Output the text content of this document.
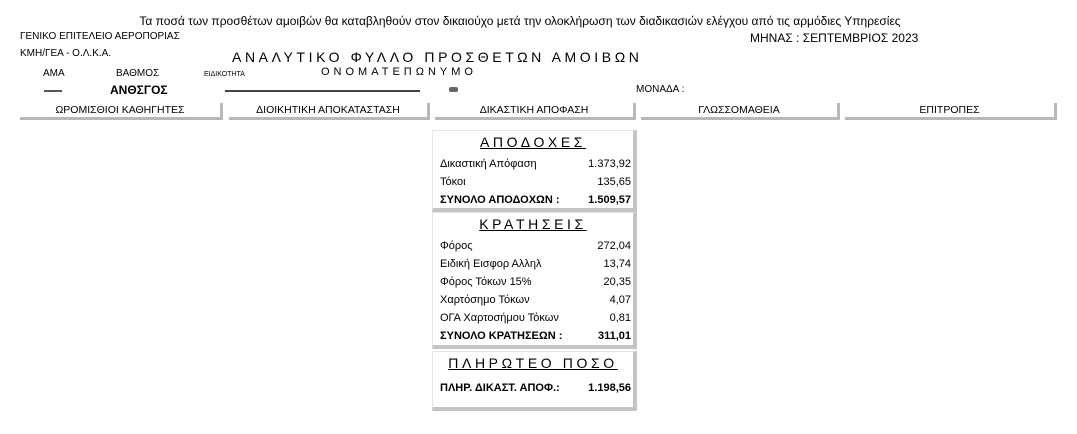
Τα ποσά των προσθέτων αμοιβών θα καταβληθούν στον δικαιούχο μετά την ολοκλήρωση των διαδικασιών ελέγχου από τις αρμόδιες Υπηρεσίες
ΓΕΝΙΚΟ ΕΠΙΤΕΛΕΙΟ ΑΕΡΟΠΟΡΙΑΣ
ΚΜΗ/ΓΕΑ - Ο.Λ.Κ.Α.
ΜΗΝΑΣ : ΣΕΠΤΕΜΒΡΙΟΣ 2023
ΑΝΑΛΥΤΙΚΟ ΦΥΛΛΟ ΠΡΟΣΘΕΤΩΝ ΑΜΟΙΒΩΝ
ΑΜΑ	ΒΑΘΜΟΣ	ΕΙΔΙΚΟΤΗΤΑ	ΟΝΟΜΑΤΕΠΩΝΥΜΟ
ΑΝΘΣΓΟΣ	ΜΟΝΑΔΑ :
ΩΡΟΜΙΣΘΙΟΙ ΚΑΘΗΓΗΤΕΣ	ΔΙΟΙΚΗΤΙΚΗ ΑΠΟΚΑΤΑΣΤΑΣΗ	ΔΙΚΑΣΤΙΚΗ ΑΠΟΦΑΣΗ	ΓΛΩΣΣΟΜΑΘΕΙΑ	ΕΠΙΤΡΟΠΕΣ
ΑΠΟΔΟΧΕΣ
Δικαστική Απόφαση	1.373,92
Τόκοι	135,65
ΣΥΝΟΛΟ ΑΠΟΔΟΧΩΝ :	1.509,57
ΚΡΑΤΗΣΕΙΣ
Φόρος	272,04
Ειδική Εισφορ Αλληλ	13,74
Φόρος Τόκων 15%	20,35
Χαρτόσημο Τόκων	4,07
ΟΓΑ Χαρτοσήμου Τόκων	0,81
ΣΥΝΟΛΟ ΚΡΑΤΗΣΕΩΝ :	311,01
ΠΛΗΡΩΤΕΟ ΠΟΣΟ
ΠΛΗΡ. ΔΙΚΑΣΤ. ΑΠΟΦ.:	1.198,56
